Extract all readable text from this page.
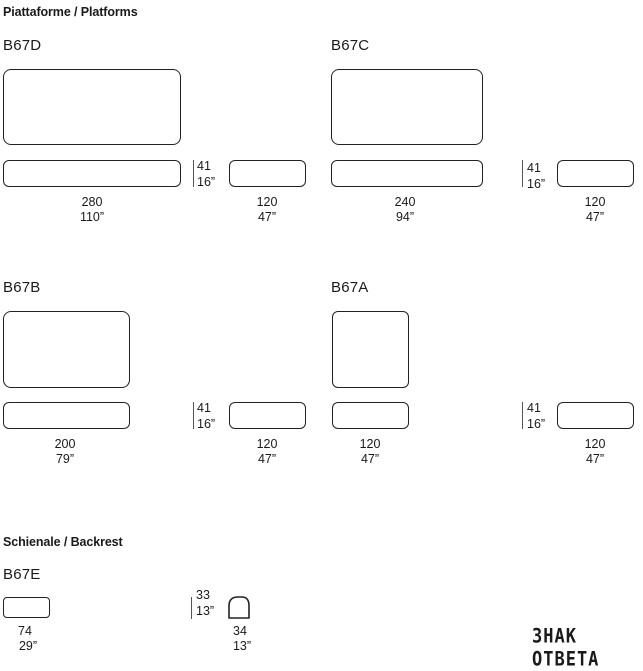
Piattaforme / Platforms
B67D
280
110”
41
16”
120
47”
B67C
240
94”
41
16”
120
47”
B67B
200
79”
41
16”
120
47”
B67A
120
47”
41
16”
120
47”
Schienale / Backrest
B67E
74
29”
33
13”
34
13”	ЗНАК ОТВЕТА
